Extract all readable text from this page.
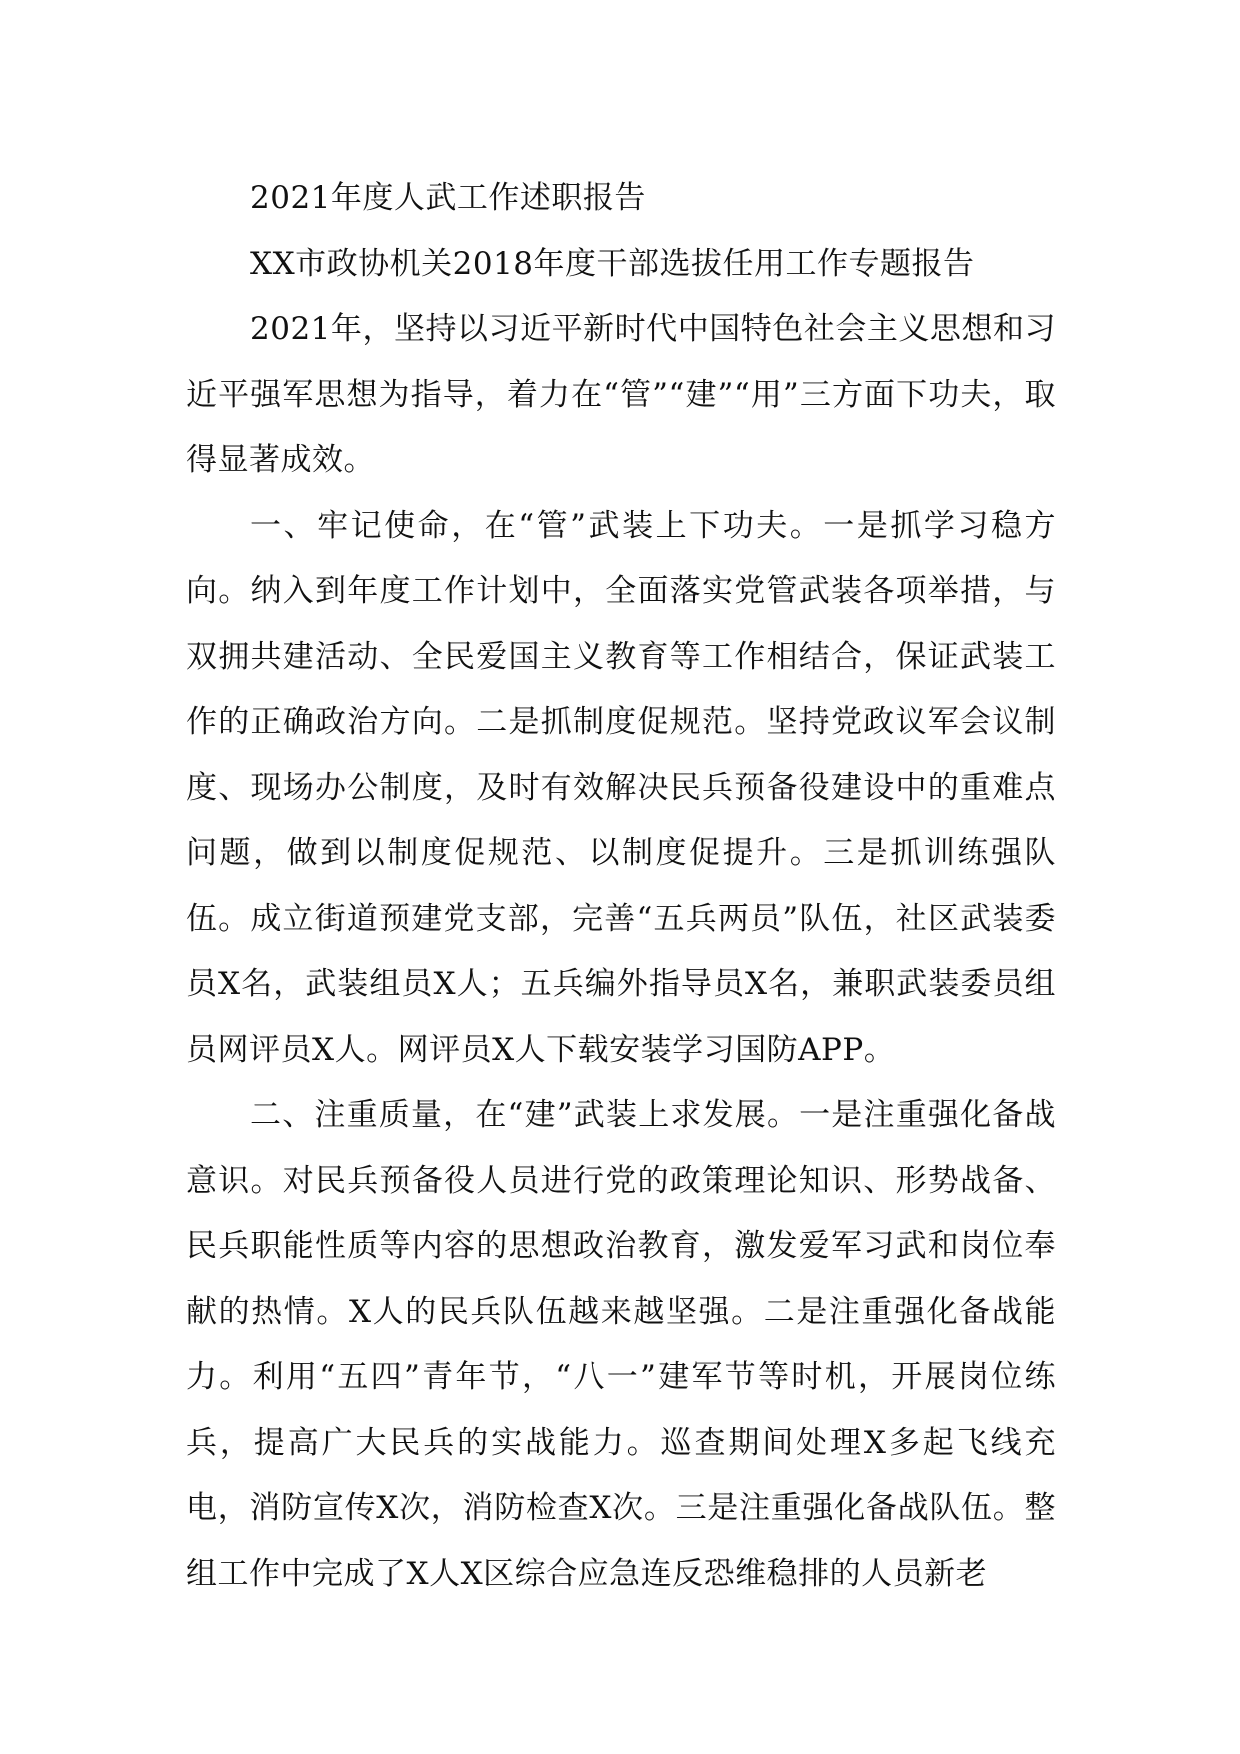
2021年度人武工作述职报告

XX市政协机关2018年度干部选拔任用工作专题报告

2021年，坚持以习近平新时代中国特色社会主义思想和习近平强军思想为指导，着力在“管”“建”“用”三方面下功夫，取得显著成效。

一、牢记使命，在“管”武装上下功夫。一是抓学习稳方向。纳入到年度工作计划中，全面落实党管武装各项举措，与双拥共建活动、全民爱国主义教育等工作相结合，保证武装工作的正确政治方向。二是抓制度促规范。坚持党政议军会议制度、现场办公制度，及时有效解决民兵预备役建设中的重难点问题，做到以制度促规范、以制度促提升。三是抓训练强队伍。成立街道预建党支部，完善“五兵两员”队伍，社区武装委员X名，武装组员X人；五兵编外指导员X名，兼职武装委员组员网评员X人。网评员X人下载安装学习国防APP。

二、注重质量，在“建”武装上求发展。一是注重强化备战意识。对民兵预备役人员进行党的政策理论知识、形势战备、民兵职能性质等内容的思想政治教育，激发爱军习武和岗位奉献的热情。X人的民兵队伍越来越坚强。二是注重强化备战能力。利用“五四”青年节，“八一”建军节等时机，开展岗位练兵，提高广大民兵的实战能力。巡查期间处理X多起飞线充电，消防宣传X次，消防检查X次。三是注重强化备战队伍。整组工作中完成了X人X区综合应急连反恐维稳排的人员新老
